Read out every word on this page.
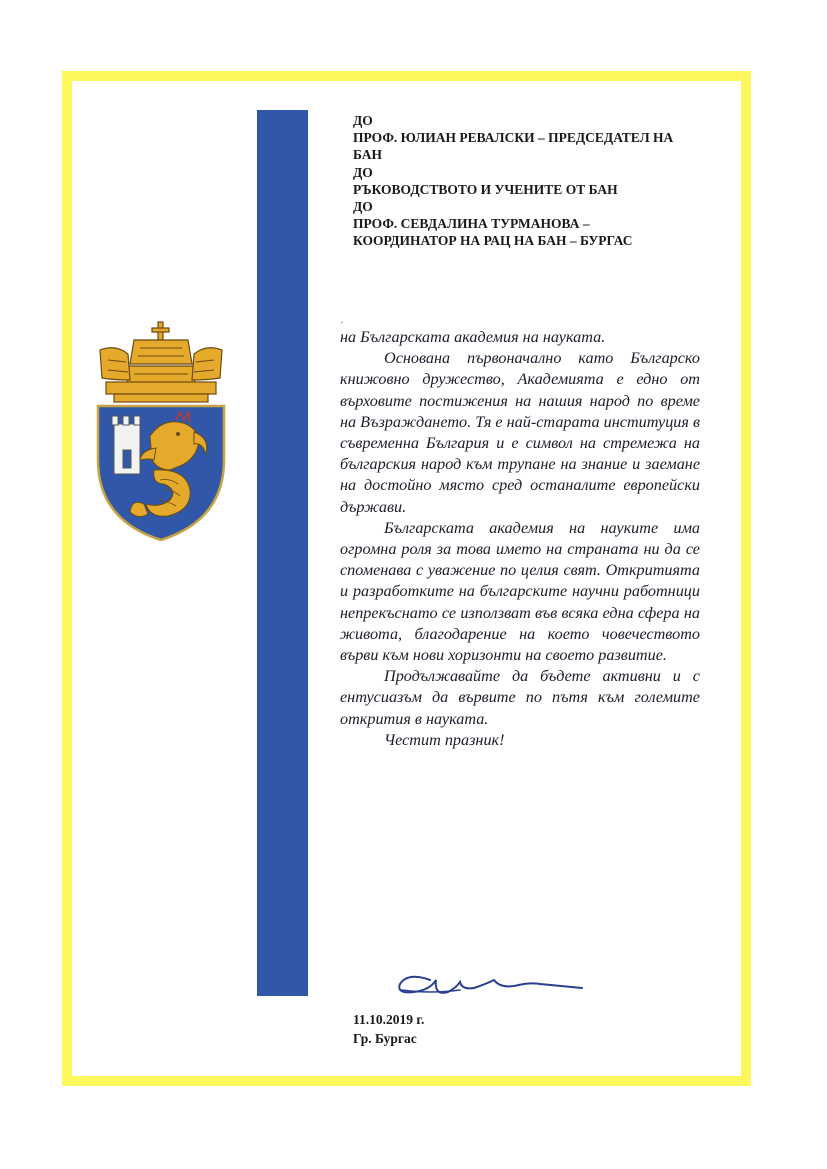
ДО
ПРОФ. ЮЛИАН РЕВАЛСКИ – ПРЕДСЕДАТЕЛ НА
БАН
ДО
РЪКОВОДСТВОТО И УЧЕНИТЕ ОТ БАН
ДО
ПРОФ. СЕВДАЛИНА ТУРМАНОВА –
КООРДИНАТОР НА РАЦ НА БАН – БУРГАС
ˌ

на Българската академия на науката.

Основана първоначално като Българско книжовно дружество, Академията е едно от върховите постижения на нашия народ по време на Възраждането. Тя е най-старата институция в съвременна България и е символ на стремежа на българския народ към трупане на знание и заемане на достойно място сред останалите европейски държави.

Българската академия на науките има огромна роля за това името на страната ни да се споменава с уважение по целия свят. Откритията и разработките на българските научни работници непрекъснато се използват във всяка една сфера на живота, благодарение на което човечеството върви към нови хоризонти на своето развитие.

Продължавайте да бъдете активни и с ентусиазъм да вървите по пътя към големите открития в науката.

Честит празник!

11.10.2019 г.
Гр. Бургас
